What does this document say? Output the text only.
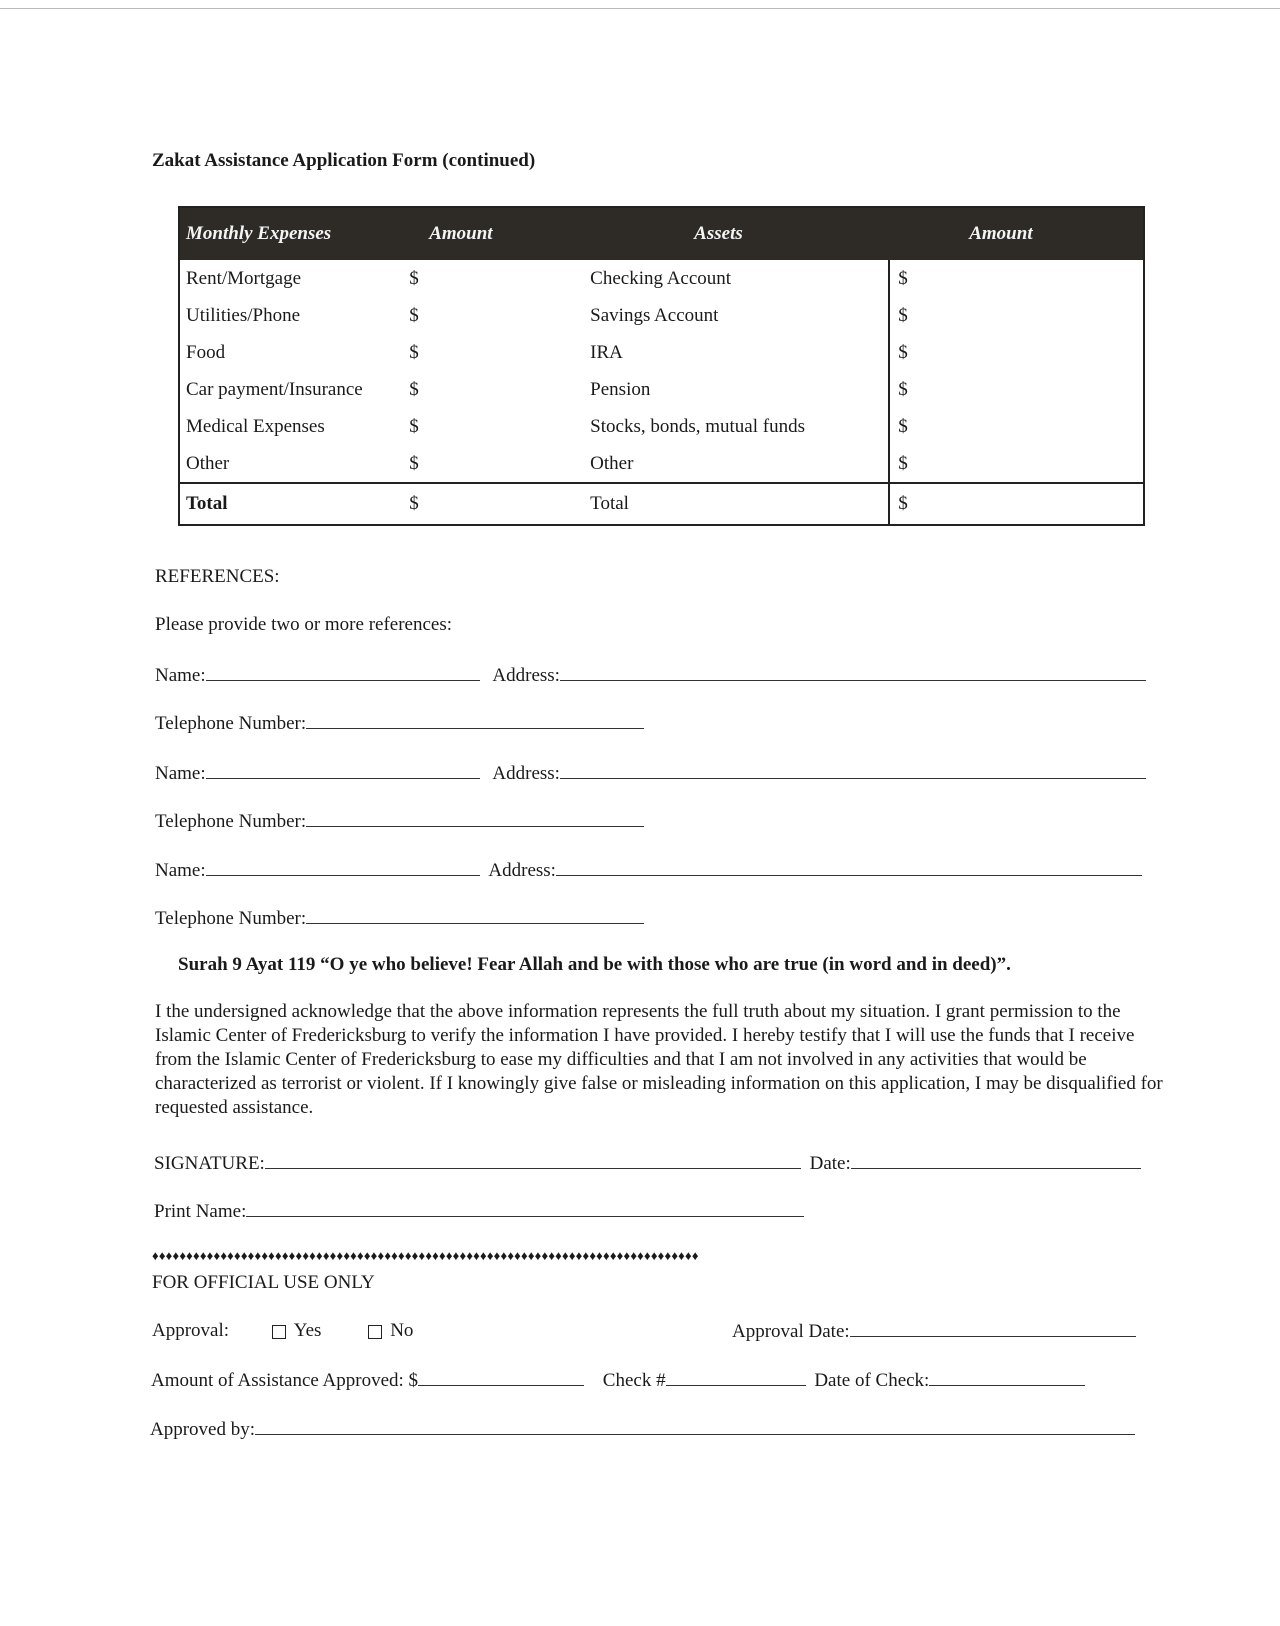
Zakat Assistance Application Form (continued)
Monthly Expenses	Amount	Assets	Amount
Rent/Mortgage	$	Checking Account	$
Utilities/Phone	$	Savings Account	$
Food	$	IRA	$
Car payment/Insurance	$	Pension	$
Medical Expenses	$	Stocks, bonds, mutual funds	$
Other	$	Other	$
Total	$	Total	$
REFERENCES:
Please provide two or more references:
Name:	Address:
Telephone Number:
Name:	Address:
Telephone Number:
Name:	Address:
Telephone Number:
Surah 9 Ayat 119 “O ye who believe! Fear Allah and be with those who are true (in word and in deed)”.
I the undersigned acknowledge that the above information represents the full truth about my situation. I grant permission to the Islamic Center of Fredericksburg to verify the information I have provided. I hereby testify that I will use the funds that I receive from the Islamic Center of Fredericksburg to ease my difficulties and that I am not involved in any activities that would be characterized as terrorist or violent. If I knowingly give false or misleading information on this application, I may be disqualified for requested assistance.
SIGNATURE:	Date:
Print Name:
♦♦♦♦♦♦♦♦♦♦♦♦♦♦♦♦♦♦♦♦♦♦♦♦♦♦♦♦♦♦♦♦♦♦♦♦♦♦♦♦♦♦♦♦♦♦♦♦♦♦♦♦♦♦♦♦♦♦♦♦♦♦♦♦♦♦♦♦♦♦♦♦♦♦♦♦♦♦♦♦
FOR OFFICIAL USE ONLY
Approval:	Yes	No	Approval Date:
Amount of Assistance Approved: $	Check #	Date of Check:
Approved by:
